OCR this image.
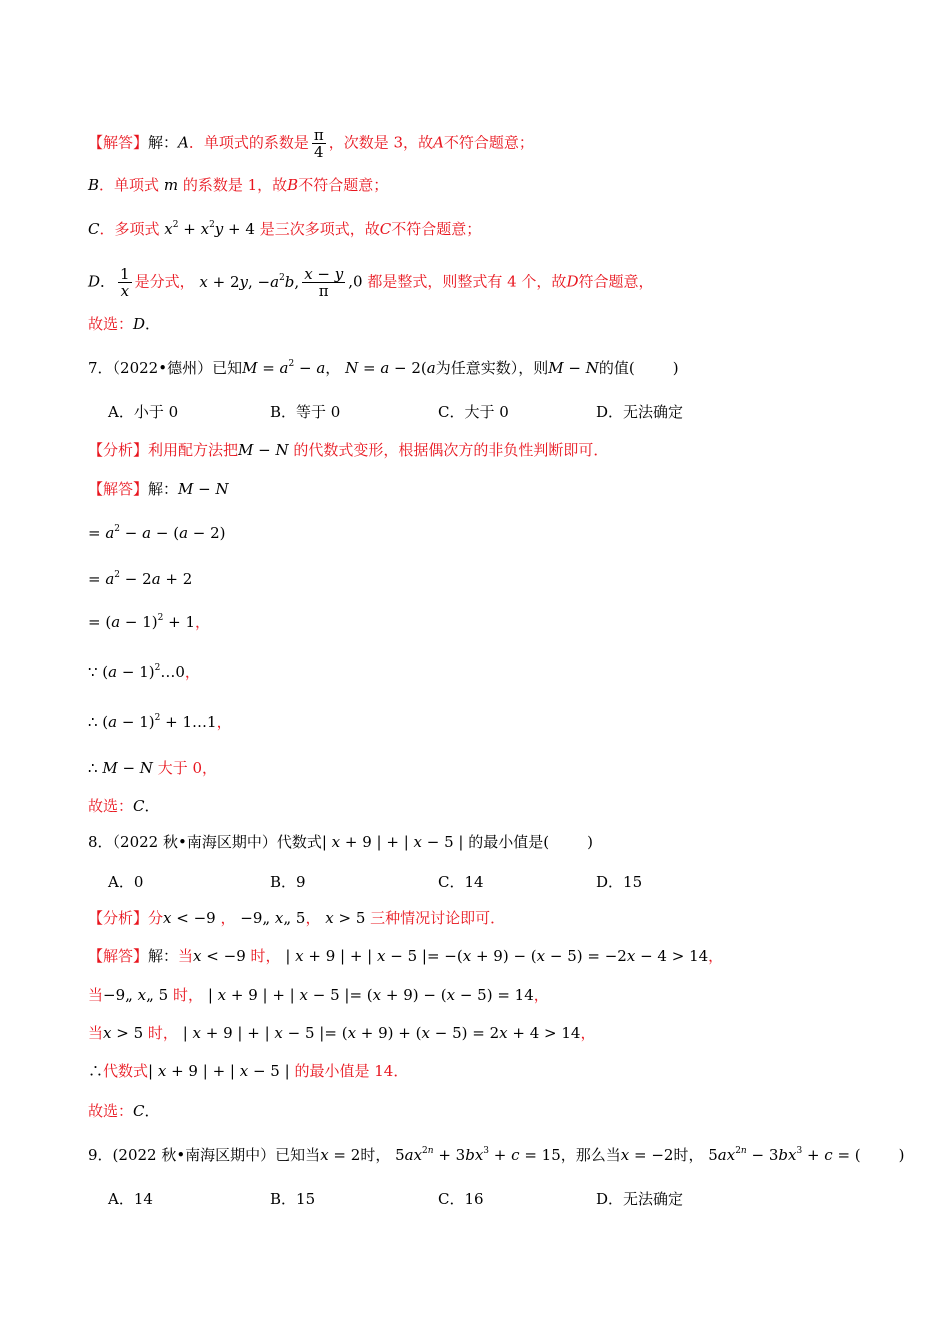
【解答】解：A．单项式的系数是 $\frac{\pi}{4}$ ，次数是 3，故A不符合题意；
B．单项式 m 的系数是 1，故B不符合题意；
C．多项式 $x^2 + x^2y + 4$ 是三次多项式，故C不符合题意；
D． $\frac{1}{x}$ 是分式， x + 2y, $-a^2b$, $\frac{x - y}{\pi} ,0$ 都是整式，则整式有 4 个，故D符合题意，
故选：D．
7．（2022•德州）已知$M = a^2 - a$， N = a − 2(a为任意实数），则M − N的值(	)
A．小于 0	B．等于 0	C．大于 0	D．无法确定
【分析】利用配方法把M − N 的代数式变形，根据偶次方的非负性判断即可．
【解答】解：M − N
= $a^2 - a - (a - 2)$
= $a^2 - 2a + 2$
= $(a - 1)^2 + 1$，
∵ $(a - 1)^2\dots 0$，
∴ $(a - 1)^2$ + 1…1，
∴ M − N 大于 0，
故选：C．
8．（2022 秋•南海区期中）代数式| x + 9 | + | x − 5 | 的最小值是(	)
A．0	B．9	C．14	D．15
【分析】分x < −9 ， −9„ x„ 5， x > 5 三种情况讨论即可．
【解答】解：当x < −9 时， | x + 9 | + | x − 5 |= −(x + 9) − (x − 5) = −2x − 4 > 14，
当−9„ x„ 5 时， | x + 9 | + | x − 5 |= (x + 9) − (x − 5) = 14，
当x > 5 时， | x + 9 | + | x − 5 |= (x + 9) + (x − 5) = 2x + 4 > 14，
∴代数式| x + 9 | + | x − 5 | 的最小值是 14．
故选：C．
9．(2022 秋•南海区期中）已知当x = 2时， $5ax^{2n} + 3bx^3 + c = 15$，那么当x = −2时， $5ax^{2n} - 3bx^3 + c$ = (	)
A．14	B．15	C．16	D．无法确定
